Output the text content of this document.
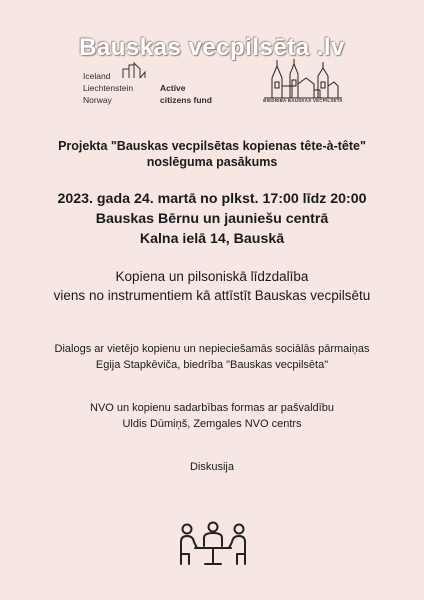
Bauskas vecpilsēta .lv
Iceland
Liechtenstein
Norway
Active
citizens fund	BIEDRĪBA BAUSKAS VECPILSĒTA
Projekta "Bauskas vecpilsētas kopienas tête-à-tête"
noslēguma pasākums
2023. gada 24. martā no plkst. 17:00 līdz 20:00
Bauskas Bērnu un jauniešu centrā
Kalna ielā 14, Bauskā
Kopiena un pilsoniskā līdzdalība
viens no instrumentiem kā attīstīt Bauskas vecpilsētu
Dialogs ar vietējo kopienu un nepieciešamās sociālās pārmaiņas
Egija Stapkēviča, biedrība "Bauskas vecpilsēta"
NVO un kopienu sadarbības formas ar pašvaldību
Uldis Dūmiņš, Zemgales NVO centrs
Diskusija
